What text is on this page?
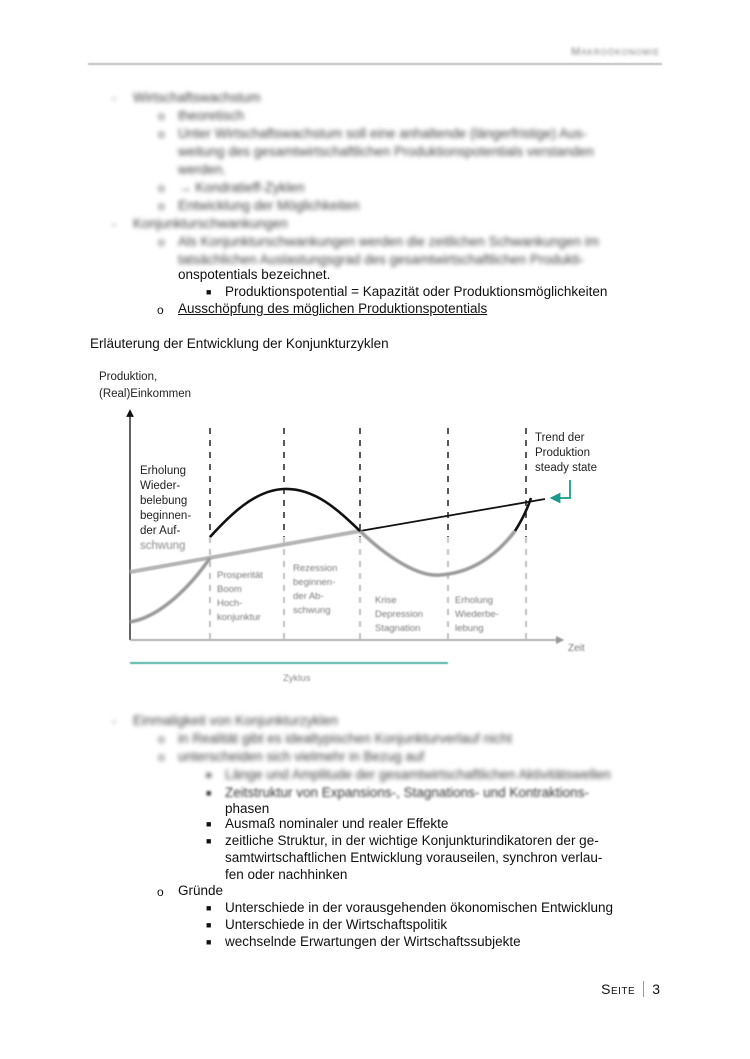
Makroökonomie
- Wirtschaftswachstum
o theoretisch
o Unter Wirtschaftswachstum soll eine anhaltende (längerfristige) Aus-
weitung des gesamtwirtschaftlichen Produktionspotentials verstanden
werden.
o → Kondratieff-Zyklen
o Entwicklung der Möglichkeiten
- Konjunkturschwankungen
o Als Konjunkturschwankungen werden die zeitlichen Schwankungen im
tatsächlichen Auslastungsgrad des gesamtwirtschaftlichen Produkti-
onspotentials bezeichnet.
■ Produktionspotential = Kapazität oder Produktionsmöglichkeiten
o Ausschöpfung des möglichen Produktionspotentials
Erläuterung der Entwicklung der Konjunkturzyklen
Produktion,
(Real)Einkommen
Zeit
Trend der
Produktion
steady state
Erholung
Wieder-
belebung
beginnen-
der Auf-
schwung
Prosperität
Boom
Hoch-
konjunktur
Rezession
beginnen-
der Ab-
schwung
Krise
Depression
Stagnation
Erholung
Wiederbe-
lebung
Zyklus
- Einmaligkeit von Konjunkturzyklen
o in Realität gibt es idealtypischen Konjunkturverlauf nicht
o unterscheiden sich vielmehr in Bezug auf
■ Länge und Amplitude der gesamtwirtschaftlichen Aktivitätswellen
■ Zeitstruktur von Expansions-, Stagnations- und Kontraktions-
phasen
■ Ausmaß nominaler und realer Effekte
■ zeitliche Struktur, in der wichtige Konjunkturindikatoren der ge-
samtwirtschaftlichen Entwicklung vorauseilen, synchron verlau-
fen oder nachhinken
o Gründe
■ Unterschiede in der vorausgehenden ökonomischen Entwicklung
■ Unterschiede in der Wirtschaftspolitik
■ wechselnde Erwartungen der Wirtschaftssubjekte
Seite 3
